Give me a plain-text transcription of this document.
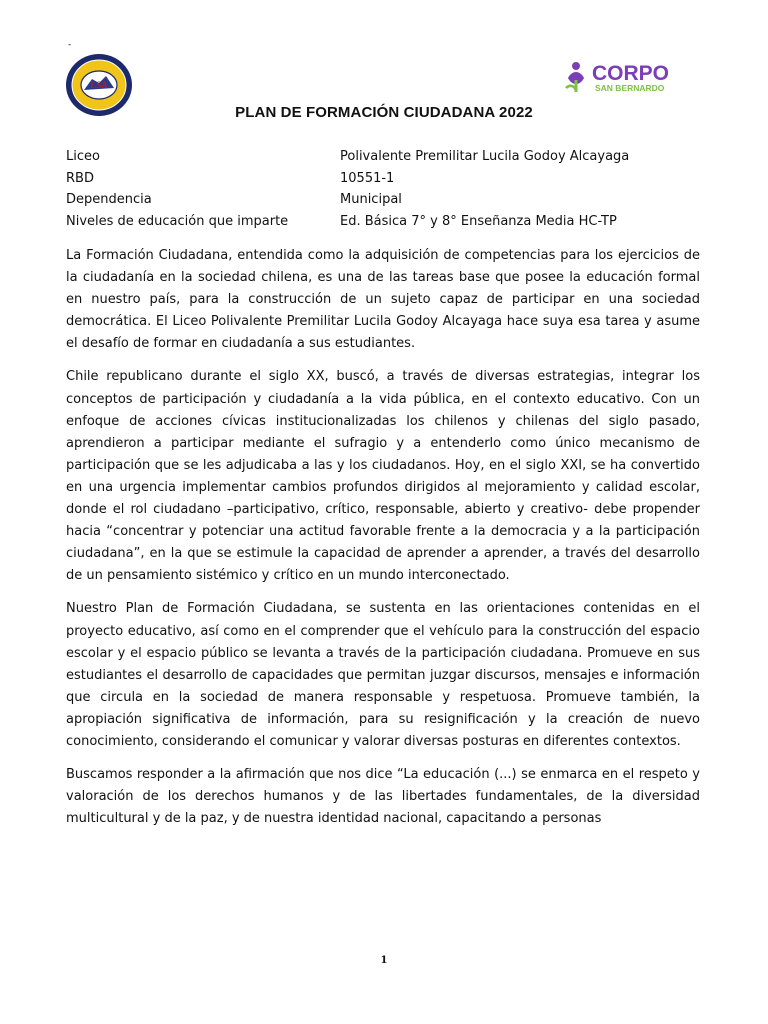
-
LSA	CORPO
SAN BERNARDO
PLAN DE FORMACIÓN CIUDADANA 2022
Liceo	Polivalente Premilitar Lucila Godoy Alcayaga
RBD	10551-1
Dependencia	Municipal
Niveles de educación que imparte	Ed. Básica 7° y 8° Enseñanza Media HC-TP

La Formación Ciudadana, entendida como la adquisición de competencias para los ejercicios de la ciudadanía en la sociedad chilena, es una de las tareas base que posee la educación formal en nuestro país, para la construcción de un sujeto capaz de participar en una sociedad democrática. El Liceo Polivalente Premilitar Lucila Godoy Alcayaga hace suya esa tarea y asume el desafío de formar en ciudadanía a sus estudiantes.

Chile republicano durante el siglo XX, buscó, a través de diversas estrategias, integrar los conceptos de participación y ciudadanía a la vida pública, en el contexto educativo. Con un enfoque de acciones cívicas institucionalizadas los chilenos y chilenas del siglo pasado, aprendieron a participar mediante el sufragio y a entenderlo como único mecanismo de participación que se les adjudicaba a las y los ciudadanos. Hoy, en el siglo XXI, se ha convertido en una urgencia implementar cambios profundos dirigidos al mejoramiento y calidad escolar, donde el rol ciudadano –participativo, crítico, responsable, abierto y creativo- debe propender hacia “concentrar y potenciar una actitud favorable frente a la democracia y a la participación ciudadana”, en la que se estimule la capacidad de aprender a aprender, a través del desarrollo de un pensamiento sistémico y crítico en un mundo interconectado.

Nuestro Plan de Formación Ciudadana, se sustenta en las orientaciones contenidas en el proyecto educativo, así como en el comprender que el vehículo para la construcción del espacio escolar y el espacio público se levanta a través de la participación ciudadana. Promueve en sus estudiantes el desarrollo de capacidades que permitan juzgar discursos, mensajes e información que circula en la sociedad de manera responsable y respetuosa. Promueve también, la apropiación significativa de información, para su resignificación y la creación de nuevo conocimiento, considerando el comunicar y valorar diversas posturas en diferentes contextos.

Buscamos responder a la afirmación que nos dice “La educación (...) se enmarca en el respeto y valoración de los derechos humanos y de las libertades fundamentales, de la diversidad multicultural y de la paz, y de nuestra identidad nacional, capacitando a personas

1
